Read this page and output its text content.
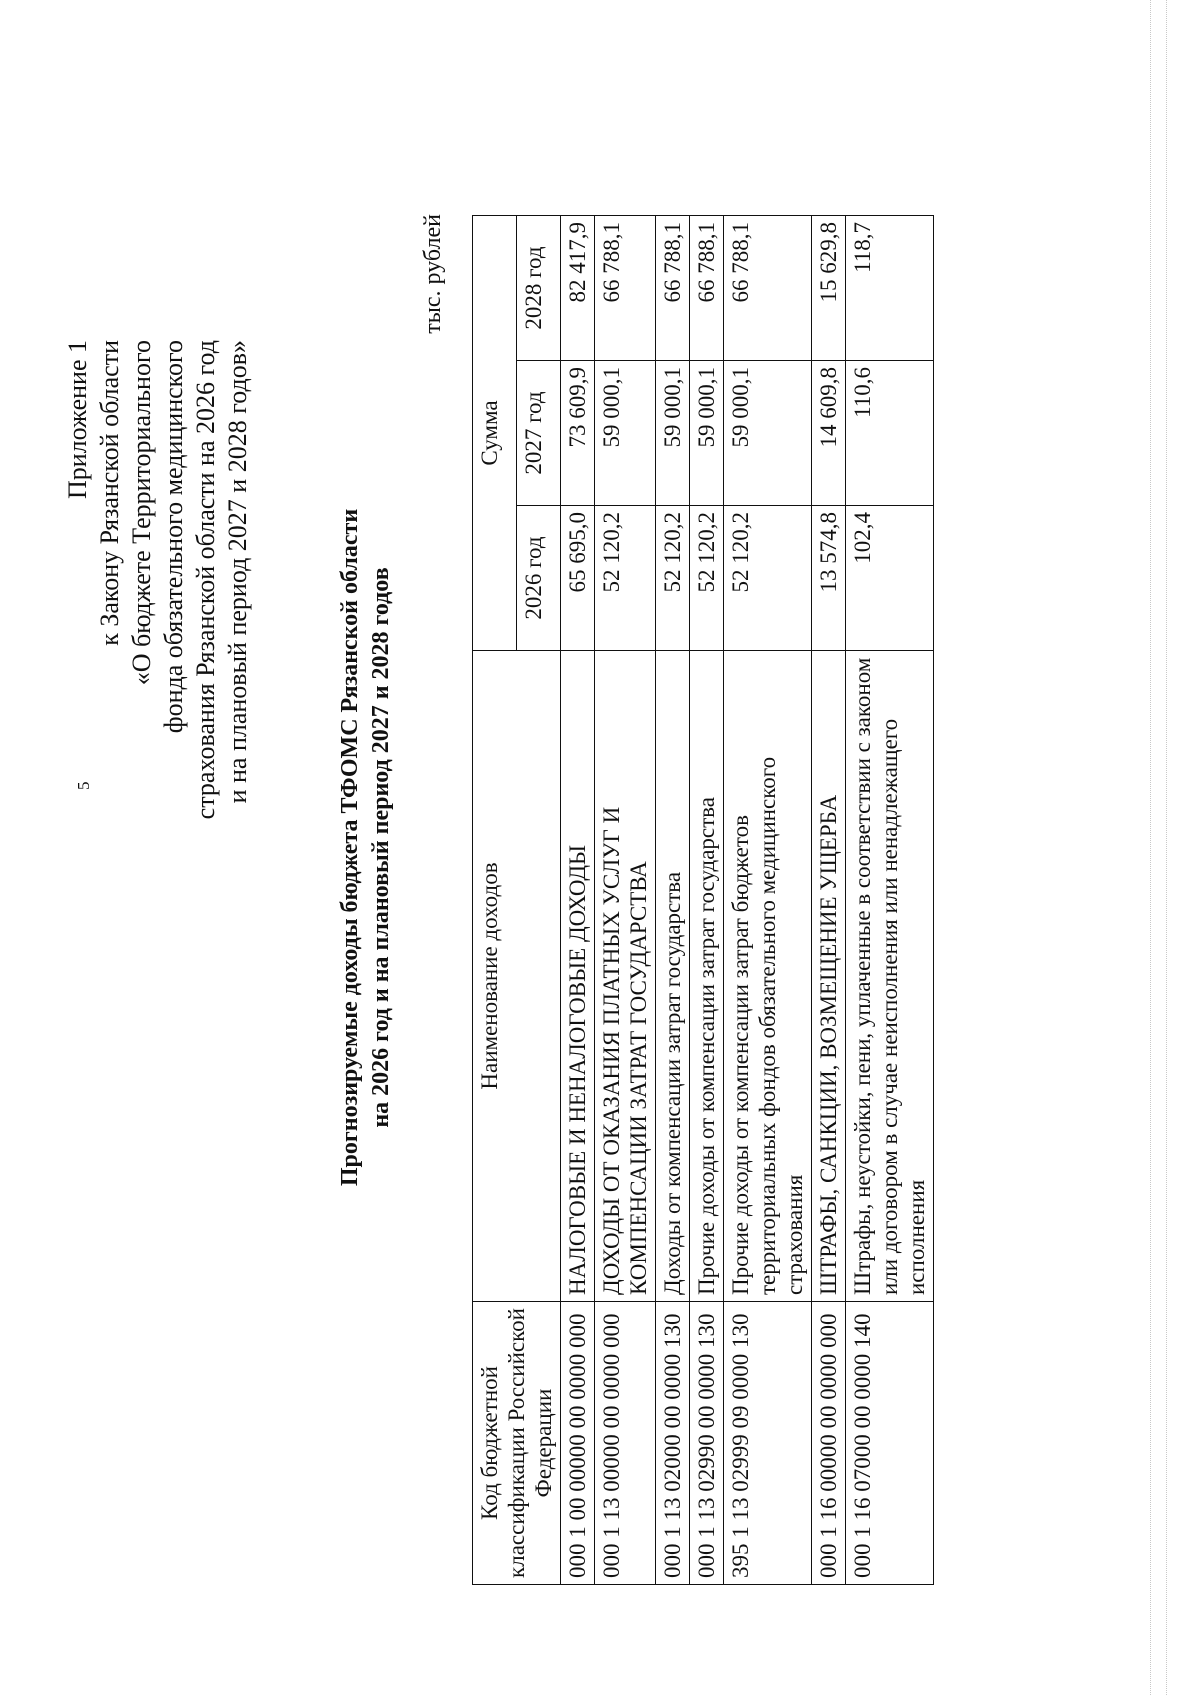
5
Приложение 1 к Закону Рязанской области «О бюджете Территориального фонда обязательного медицинского страхования Рязанской области на 2026 год и на плановый период 2027 и 2028 годов»	Прогнозируемые доходы бюджета ТФОМС Рязанской области на 2026 год и на плановый период 2027 и 2028 годов
тыс. рублей
Код бюджетной классификации Российской Федерации	Наименование доходов	Сумма		
		2026 год	2027 год	2028 год
000 1 00 00000 00 0000 000	НАЛОГОВЫЕ И НЕНАЛОГОВЫЕ ДОХОДЫ	65 695,0	73 609,9	82 417,9
000 1 13 00000 00 0000 000	ДОХОДЫ ОТ ОКАЗАНИЯ ПЛАТНЫХ УСЛУГ И КОМПЕНСАЦИИ ЗАТРАТ ГОСУДАРСТВА	52 120,2	59 000,1	66 788,1
000 1 13 02000 00 0000 130	Доходы от компенсации затрат государства	52 120,2	59 000,1	66 788,1
000 1 13 02990 00 0000 130	Прочие доходы от компенсации затрат государства	52 120,2	59 000,1	66 788,1
395 1 13 02999 09 0000 130	Прочие доходы от компенсации затрат бюджетов территориальных фондов обязательного медицинского страхования	52 120,2	59 000,1	66 788,1
000 1 16 00000 00 0000 000	ШТРАФЫ, САНКЦИИ, ВОЗМЕЩЕНИЕ УЩЕРБА	13 574,8	14 609,8	15 629,8
000 1 16 07000 00 0000 140	Штрафы, неустойки, пени, уплаченные в соответствии с законом или договором в случае неисполнения или ненадлежащего исполнения	102,4	110,6	118,7
